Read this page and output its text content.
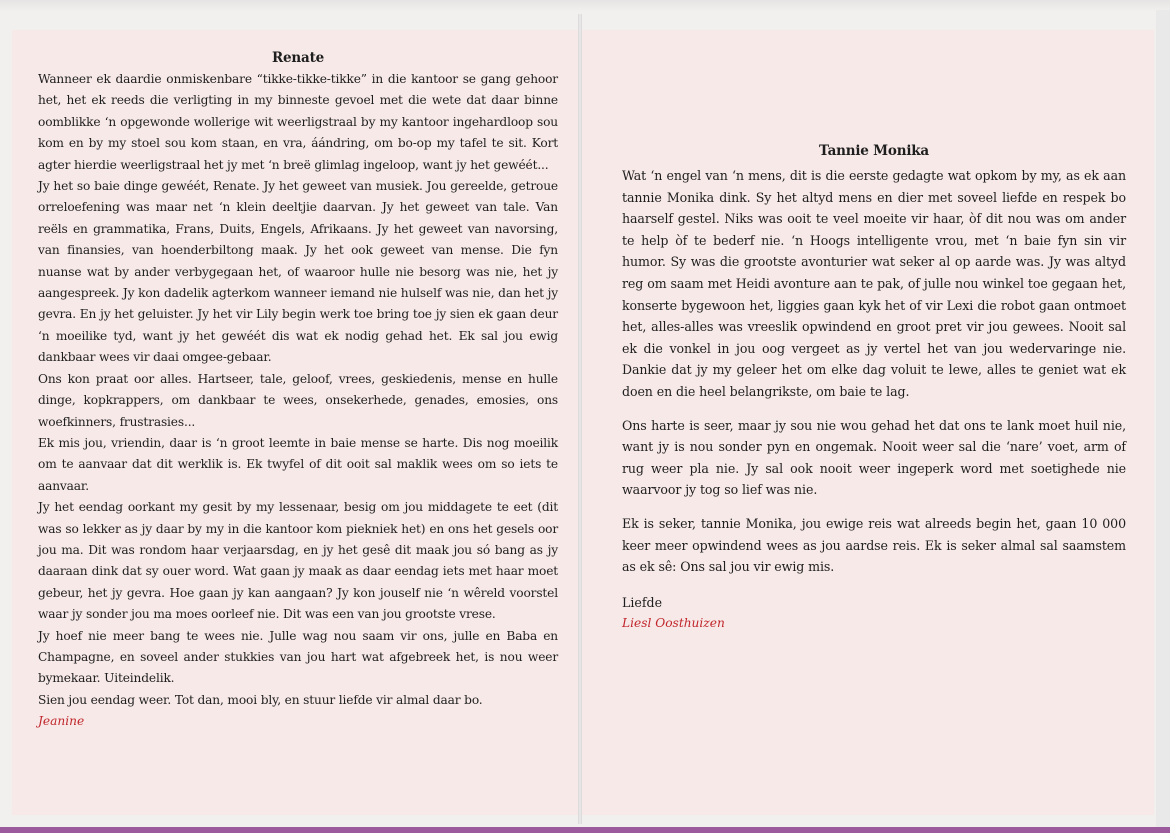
Renate

Wanneer ek daardie onmiskenbare “tikke-tikke-tikke” in die kantoor se gang gehoor het, het ek reeds die verligting in my binneste gevoel met die wete dat daar binne oomblikke ‘n opgewonde wollerige wit weerligstraal by my kantoor ingehardloop sou kom en by my stoel sou kom staan, en vra, áándring, om bo-op my tafel te sit. Kort agter hierdie weerligstraal het jy met ‘n breë glimlag ingeloop, want jy het gewéét...

Jy het so baie dinge gewéét, Renate. Jy het geweet van musiek. Jou gereelde, getroue orreloefening was maar net ‘n klein deeltjie daarvan. Jy het geweet van tale. Van reëls en grammatika, Frans, Duits, Engels, Afrikaans. Jy het geweet van navorsing, van finansies, van hoenderbiltong maak. Jy het ook geweet van mense. Die fyn nuanse wat by ander verbygegaan het, of waaroor hulle nie besorg was nie, het jy aangespreek. Jy kon dadelik agterkom wanneer iemand nie hulself was nie, dan het jy gevra. En jy het geluister. Jy het vir Lily begin werk toe bring toe jy sien ek gaan deur ‘n moeilike tyd, want jy het gewéét dis wat ek nodig gehad het. Ek sal jou ewig dankbaar wees vir daai omgee-gebaar.

Ons kon praat oor alles. Hartseer, tale, geloof, vrees, geskiedenis, mense en hulle dinge, kopkrappers, om dankbaar te wees, onsekerhede, genades, emosies, ons woefkinners, frustrasies...

Ek mis jou, vriendin, daar is ‘n groot leemte in baie mense se harte. Dis nog moeilik om te aanvaar dat dit werklik is. Ek twyfel of dit ooit sal maklik wees om so iets te aanvaar.

Jy het eendag oorkant my gesit by my lessenaar, besig om jou middagete te eet (dit was so lekker as jy daar by my in die kantoor kom piekniek het) en ons het gesels oor jou ma. Dit was rondom haar verjaarsdag, en jy het gesê dit maak jou só bang as jy daaraan dink dat sy ouer word. Wat gaan jy maak as daar eendag iets met haar moet gebeur, het jy gevra. Hoe gaan jy kan aangaan? Jy kon jouself nie ‘n wêreld voorstel waar jy sonder jou ma moes oorleef nie. Dit was een van jou grootste vrese.

Jy hoef nie meer bang te wees nie. Julle wag nou saam vir ons, julle en Baba en Champagne, en soveel ander stukkies van jou hart wat afgebreek het, is nou weer bymekaar. Uiteindelik.

Sien jou eendag weer. Tot dan, mooi bly, en stuur liefde vir almal daar bo.

Jeanine
Tannie Monika

Wat ‘n engel van ‘n mens, dit is die eerste gedagte wat opkom by my, as ek aan tannie Monika dink. Sy het altyd mens en dier met soveel liefde en respek bo haarself gestel. Niks was ooit te veel moeite vir haar, òf dit nou was om ander te help òf te bederf nie. ‘n Hoogs intelligente vrou, met ‘n baie fyn sin vir humor. Sy was die grootste avonturier wat seker al op aarde was. Jy was altyd reg om saam met Heidi avonture aan te pak, of julle nou winkel toe gegaan het, konserte bygewoon het, liggies gaan kyk het of vir Lexi die robot gaan ontmoet het, alles-alles was vreeslik opwindend en groot pret vir jou gewees. Nooit sal ek die vonkel in jou oog vergeet as jy vertel het van jou wedervaringe nie. Dankie dat jy my geleer het om elke dag voluit te lewe, alles te geniet wat ek doen en die heel belangrikste, om baie te lag.

Ons harte is seer, maar jy sou nie wou gehad het dat ons te lank moet huil nie, want jy is nou sonder pyn en ongemak. Nooit weer sal die ‘nare’ voet, arm of rug weer pla nie. Jy sal ook nooit weer ingeperk word met soetighede nie waarvoor jy tog so lief was nie.

Ek is seker, tannie Monika, jou ewige reis wat alreeds begin het, gaan 10 000 keer meer opwindend wees as jou aardse reis. Ek is seker almal sal saamstem as ek sê: Ons sal jou vir ewig mis.

Liefde
Liesl Oosthuizen
